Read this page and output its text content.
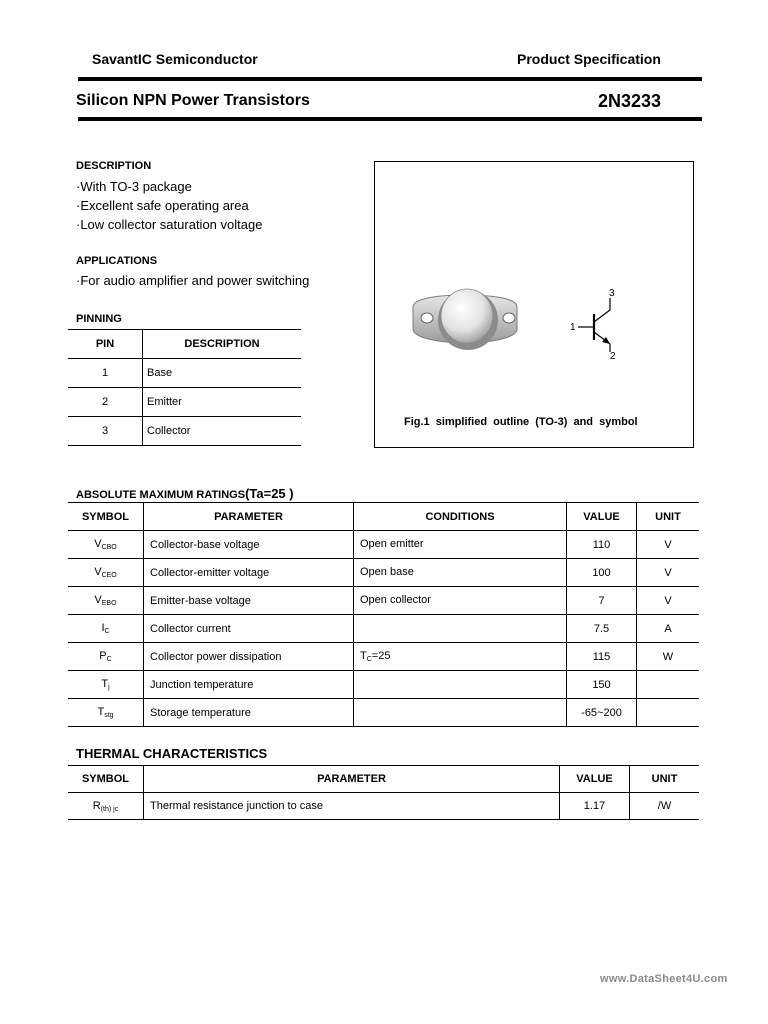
SavantIC Semiconductor	Product Specification
Silicon NPN Power Transistors	2N3233
DESCRIPTION
·With TO-3 package
·Excellent safe operating area
·Low collector saturation voltage
APPLICATIONS
·For audio amplifier and power switching
PINNING
PIN	DESCRIPTION
1	Base
2	Emitter
3	Collector
1
3
2
Fig.1 simplified outline (TO-3) and symbol
ABSOLUTE MAXIMUM RATINGS(Ta=25 )
SYMBOL	PARAMETER	CONDITIONS	VALUE	UNIT
$V_{CBO}$	Collector-base voltage	Open emitter	110	V
$V_{CEO}$	Collector-emitter voltage	Open base	100	V
$V_{EBO}$	Emitter-base voltage	Open collector	7	V
$I_C$	Collector current		7.5	A
$P_C$	Collector power dissipation	$T_C=25$	115	W
$T_j$	Junction temperature		150	
$T_{stg}$	Storage temperature		-65~200	
THERMAL CHARACTERISTICS
SYMBOL	PARAMETER	VALUE	UNIT
$R_{(th) jc}$	Thermal resistance junction to case	1.17	/W
www.DataSheet4U.com
